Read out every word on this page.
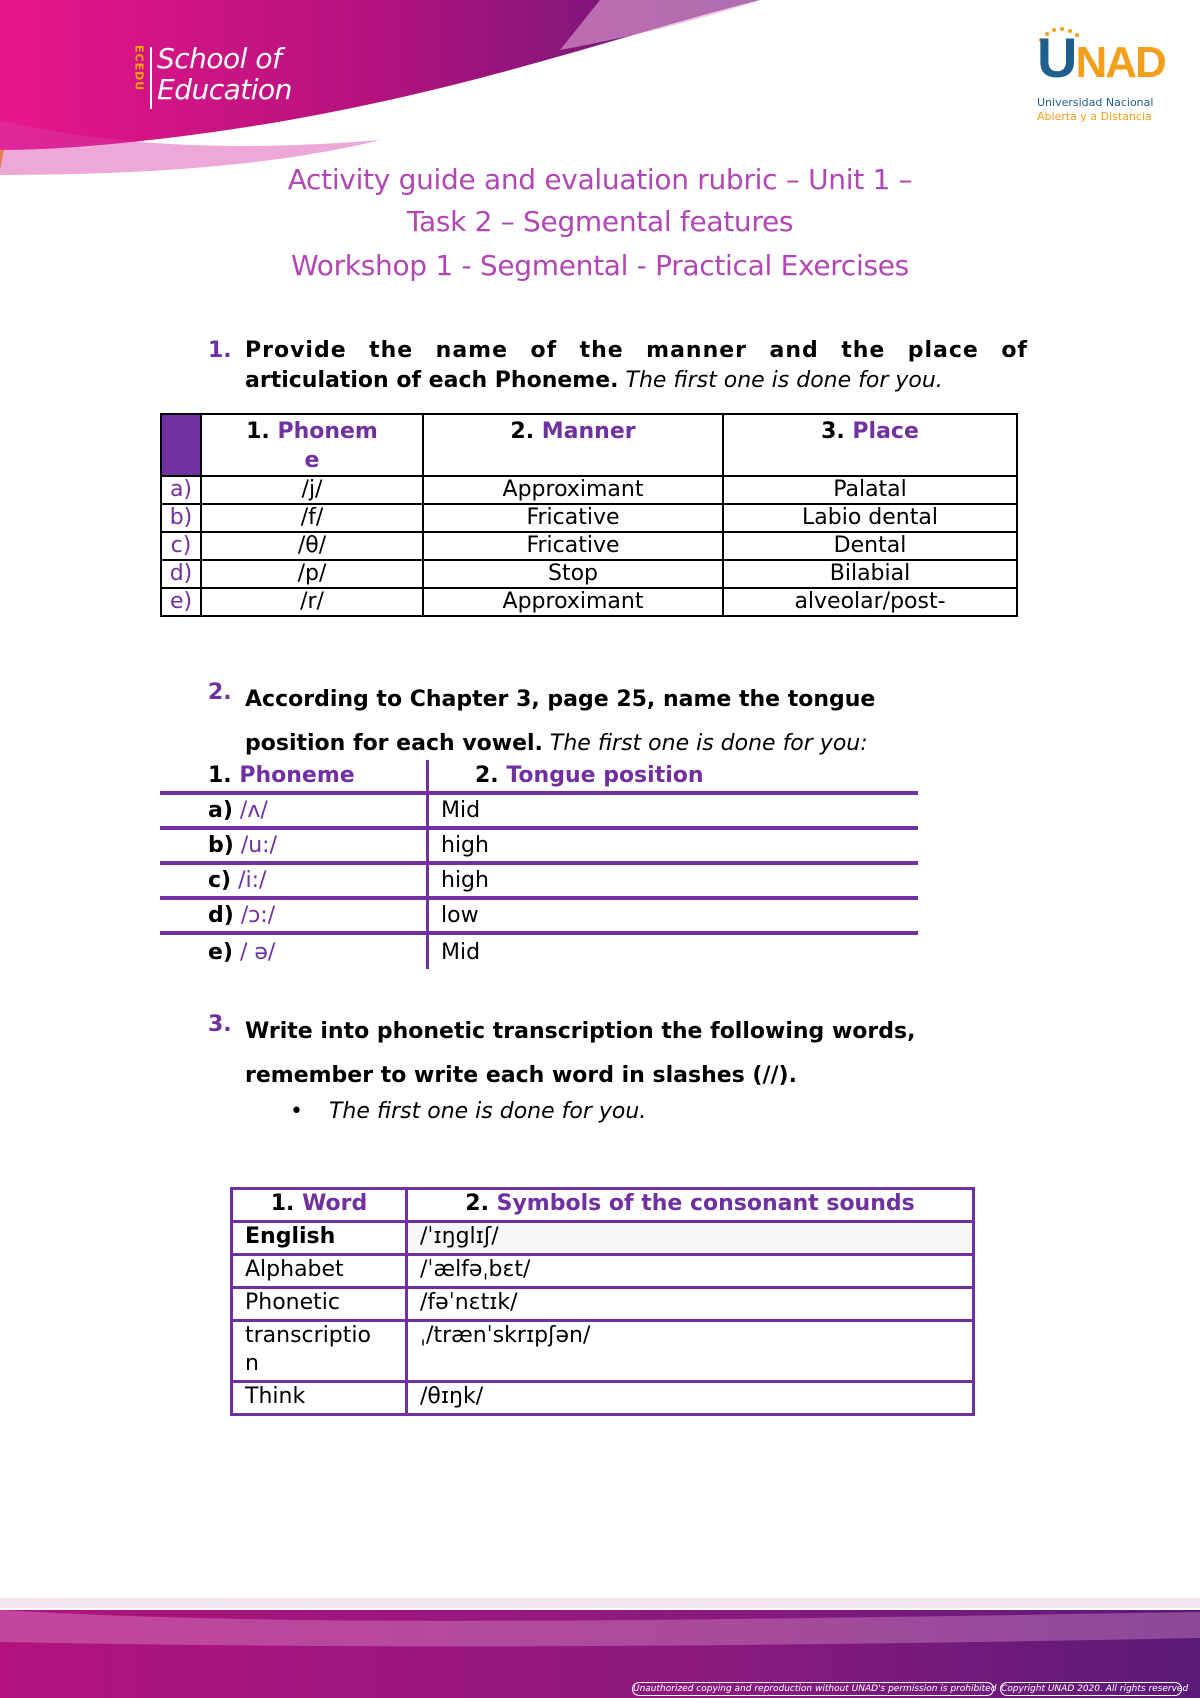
ECEDU School of
Education
UNAD
Universidad Nacional
Abierta y a Distancia
Activity guide and evaluation rubric – Unit 1 –
Task 2 – Segmental features
Workshop 1 - Segmental - Practical Exercises
1. Provide the name of the manner and the place of
articulation of each Phoneme. The first one is done for you.
	1. Phonem
e	2. Manner	3. Place
a)	/j/	Approximant	Palatal
b)	/f/	Fricative	Labio dental
c)	/θ/	Fricative	Dental
d)	/p/	Stop	Bilabial
e)	/r/	Approximant	alveolar/post-
2. According to Chapter 3, page 25, name the tongue
position for each vowel. The first one is done for you:
1. Phoneme	2. Tongue position
a) /ʌ/	Mid
b) /u:/	high
c) /i:/	high
d) /ɔ:/	low
e) / ə/	Mid
3. Write into phonetic transcription the following words,
remember to write each word in slashes (//).
• The first one is done for you.
1. Word	2. Symbols of the consonant sounds
English	/ˈɪŋglɪʃ/
Alphabet	/ˈælfəˌbɛt/
Phonetic	/fəˈnɛtɪk/
transcriptio
n	ˌ/trænˈskrɪpʃən/
Think	/θɪŋk/
Unauthorized copying and reproduction without UNAD's permission is prohibited Copyright UNAD 2020. All rights reserved
